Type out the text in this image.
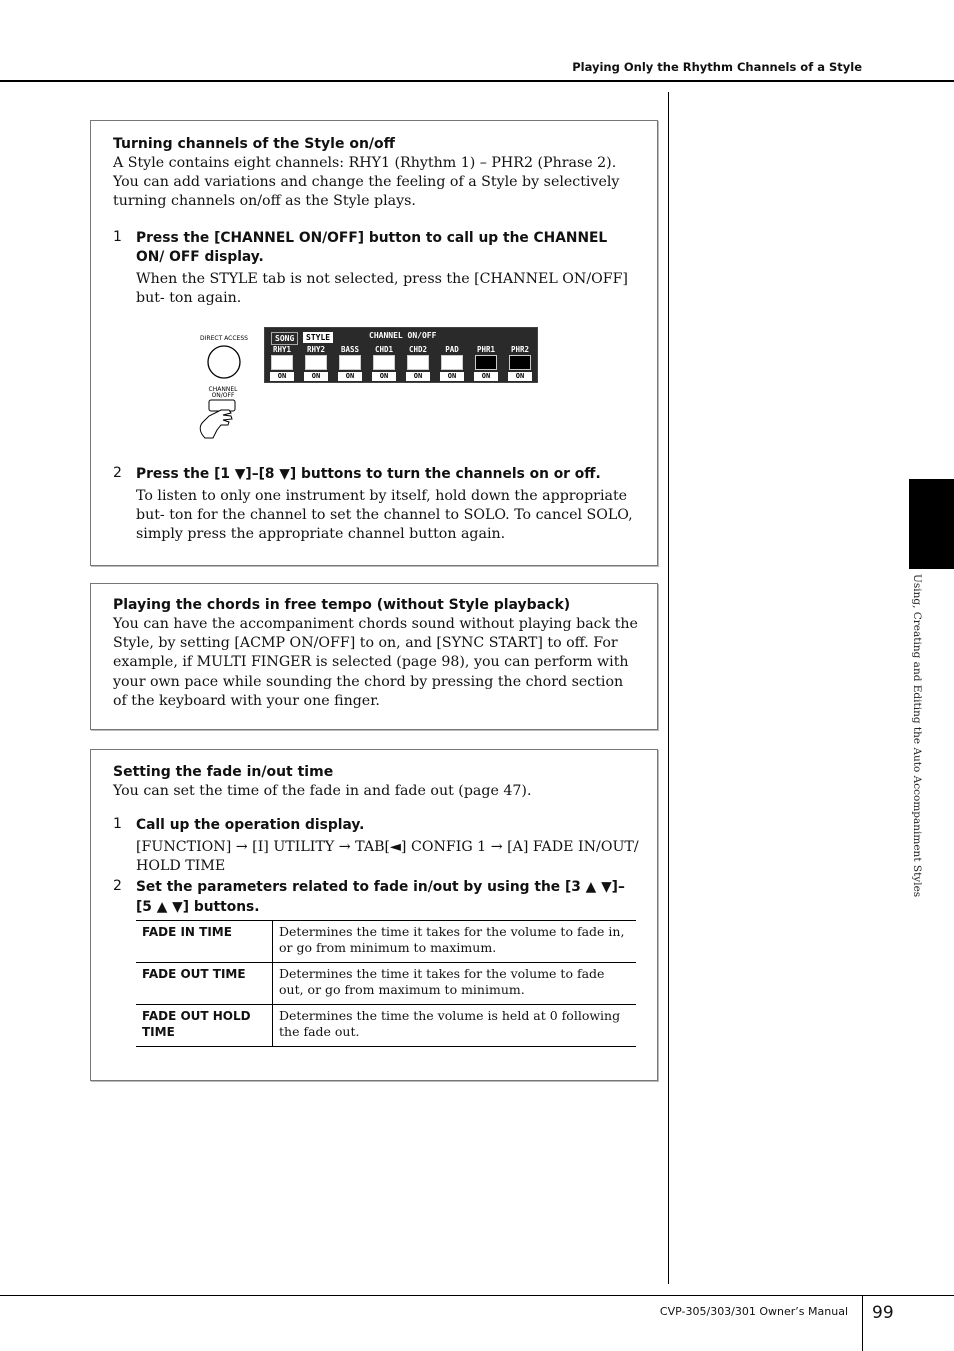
Playing Only the Rhythm Channels of a Style
Using, Creating and Editing the Auto Accompaniment Styles
Turning channels of the Style on/off

A Style contains eight channels: RHY1 (Rhythm 1) – PHR2 (Phrase 2). You can add variations and change the feeling of a Style by selectively turning channels on/off as the Style plays.

1 Press the [CHANNEL ON/OFF] button to call up the CHANNEL ON/ OFF display.
When the STYLE tab is not selected, press the [CHANNEL ON/OFF] but- ton again.
2 Press the [1 ▼]–[8 ▼] buttons to turn the channels on or off.
To listen to only one instrument by itself, hold down the appropriate but- ton for the channel to set the channel to SOLO. To cancel SOLO, simply press the appropriate channel button again.
DIRECT ACCESS
CHANNEL
ON/OFF
SONG	STYLE	CHANNEL ON/OFF
RHY1
ON
RHY2
ON
BASS
ON
CHD1
ON
CHD2
ON
PAD
ON
PHR1
ON
PHR2
ON
Playing the chords in free tempo (without Style playback)

You can have the accompaniment chords sound without playing back the Style, by setting [ACMP ON/OFF] to on, and [SYNC START] to off. For example, if MULTI FINGER is selected (page 98), you can perform with your own pace while sounding the chord by pressing the chord section of the keyboard with your one finger.

Setting the fade in/out time

You can set the time of the fade in and fade out (page 47).

1 Call up the operation display.
[FUNCTION] → [I] UTILITY → TAB[◄] CONFIG 1 → [A] FADE IN/OUT/ HOLD TIME
2 Set the parameters related to fade in/out by using the [3 ▲ ▼]– [5 ▲ ▼] buttons.
FADE IN TIME	Determines the time it takes for the volume to fade in, or go from minimum to maximum.
FADE OUT TIME	Determines the time it takes for the volume to fade out, or go from maximum to minimum.
FADE OUT HOLD TIME	Determines the time the volume is held at 0 following the fade out.
CVP-305/303/301 Owner’s Manual 99
